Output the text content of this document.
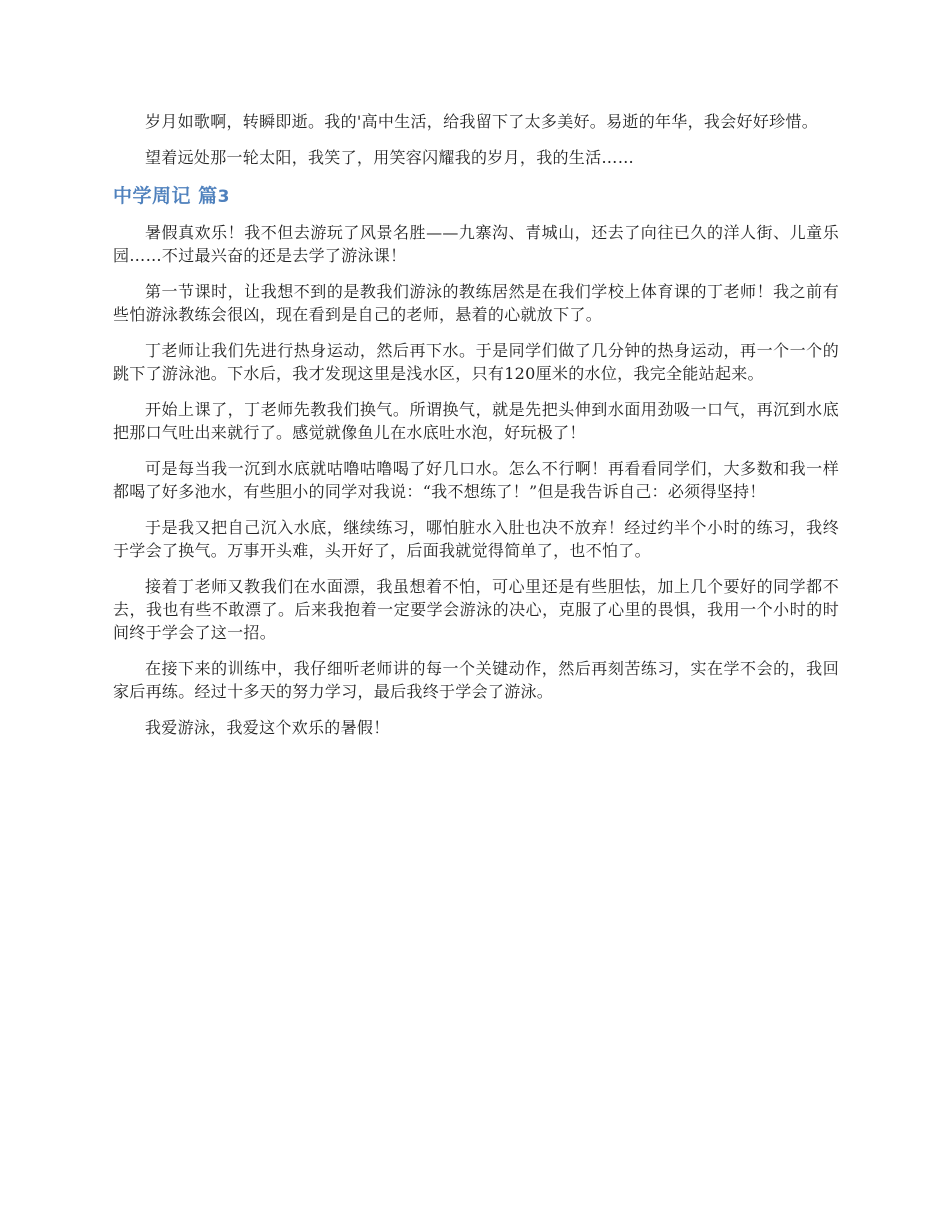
岁月如歌啊，转瞬即逝。我的'高中生活，给我留下了太多美好。易逝的年华，我会好好珍惜。

望着远处那一轮太阳，我笑了，用笑容闪耀我的岁月，我的生活……

中学周记 篇3

暑假真欢乐！我不但去游玩了风景名胜——九寨沟、青城山，还去了向往已久的洋人街、儿童乐园……不过最兴奋的还是去学了游泳课！

第一节课时，让我想不到的是教我们游泳的教练居然是在我们学校上体育课的丁老师！我之前有些怕游泳教练会很凶，现在看到是自己的老师，悬着的心就放下了。

丁老师让我们先进行热身运动，然后再下水。于是同学们做了几分钟的热身运动，再一个一个的跳下了游泳池。下水后，我才发现这里是浅水区，只有120厘米的水位，我完全能站起来。

开始上课了，丁老师先教我们换气。所谓换气，就是先把头伸到水面用劲吸一口气，再沉到水底把那口气吐出来就行了。感觉就像鱼儿在水底吐水泡，好玩极了！

可是每当我一沉到水底就咕噜咕噜喝了好几口水。怎么不行啊！再看看同学们，大多数和我一样都喝了好多池水，有些胆小的同学对我说：“我不想练了！”但是我告诉自己：必须得坚持！

于是我又把自己沉入水底，继续练习，哪怕脏水入肚也决不放弃！经过约半个小时的练习，我终于学会了换气。万事开头难，头开好了，后面我就觉得简单了，也不怕了。

接着丁老师又教我们在水面漂，我虽想着不怕，可心里还是有些胆怯，加上几个要好的同学都不去，我也有些不敢漂了。后来我抱着一定要学会游泳的决心，克服了心里的畏惧，我用一个小时的时间终于学会了这一招。

在接下来的训练中，我仔细听老师讲的每一个关键动作，然后再刻苦练习，实在学不会的，我回家后再练。经过十多天的努力学习，最后我终于学会了游泳。

我爱游泳，我爱这个欢乐的暑假！
